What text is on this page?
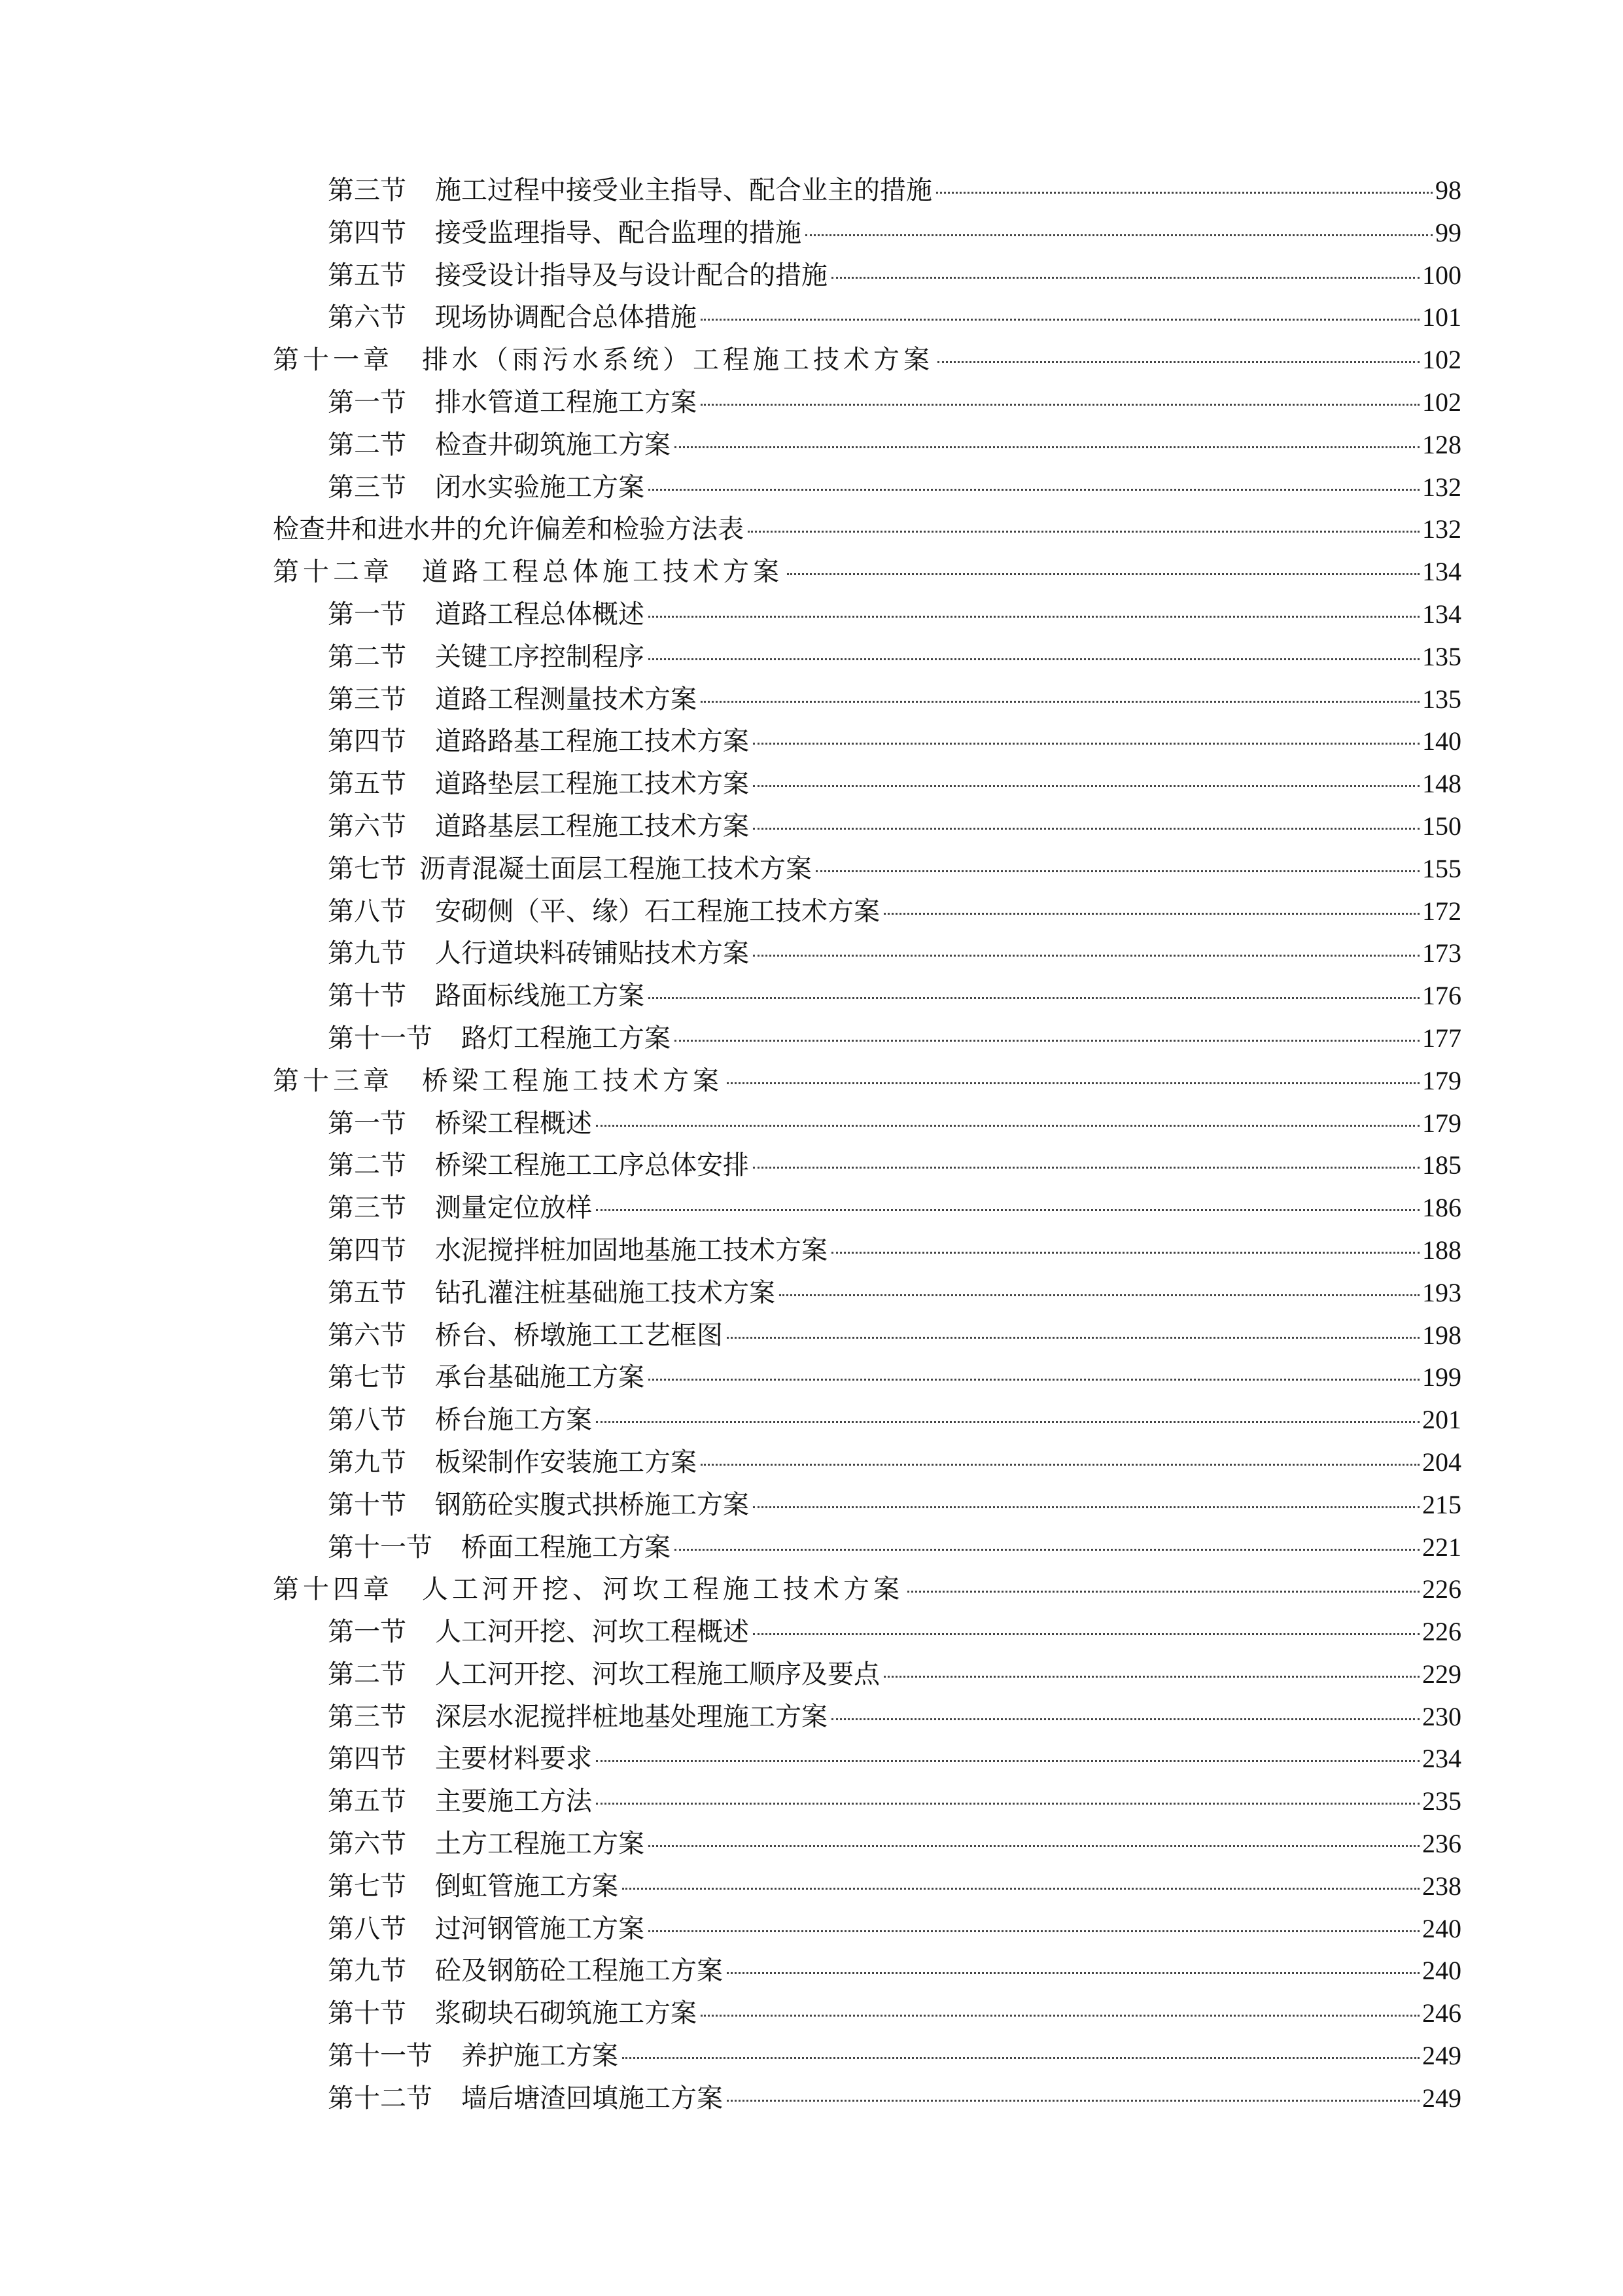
第三节 施工过程中接受业主指导、配合业主的措施	98
第四节 接受监理指导、配合监理的措施	99
第五节 接受设计指导及与设计配合的措施	100
第六节 现场协调配合总体措施	101
第十一章 排水（雨污水系统）工程施工技术方案	102
第一节 排水管道工程施工方案	102
第二节 检查井砌筑施工方案	128
第三节 闭水实验施工方案	132
检查井和进水井的允许偏差和检验方法表	132
第十二章 道路工程总体施工技术方案	134
第一节 道路工程总体概述	134
第二节 关键工序控制程序	135
第三节 道路工程测量技术方案	135
第四节 道路路基工程施工技术方案	140
第五节 道路垫层工程施工技术方案	148
第六节 道路基层工程施工技术方案	150
第七节 沥青混凝土面层工程施工技术方案	155
第八节 安砌侧（平、缘）石工程施工技术方案	172
第九节 人行道块料砖铺贴技术方案	173
第十节 路面标线施工方案	176
第十一节 路灯工程施工方案	177
第十三章 桥梁工程施工技术方案	179
第一节 桥梁工程概述	179
第二节 桥梁工程施工工序总体安排	185
第三节 测量定位放样	186
第四节 水泥搅拌桩加固地基施工技术方案	188
第五节 钻孔灌注桩基础施工技术方案	193
第六节 桥台、桥墩施工工艺框图	198
第七节 承台基础施工方案	199
第八节 桥台施工方案	201
第九节 板梁制作安装施工方案	204
第十节 钢筋砼实腹式拱桥施工方案	215
第十一节 桥面工程施工方案	221
第十四章 人工河开挖、河坎工程施工技术方案	226
第一节 人工河开挖、河坎工程概述	226
第二节 人工河开挖、河坎工程施工顺序及要点	229
第三节 深层水泥搅拌桩地基处理施工方案	230
第四节 主要材料要求	234
第五节 主要施工方法	235
第六节 土方工程施工方案	236
第七节 倒虹管施工方案	238
第八节 过河钢管施工方案	240
第九节 砼及钢筋砼工程施工方案	240
第十节 浆砌块石砌筑施工方案	246
第十一节 养护施工方案	249
第十二节 墙后塘渣回填施工方案	249
